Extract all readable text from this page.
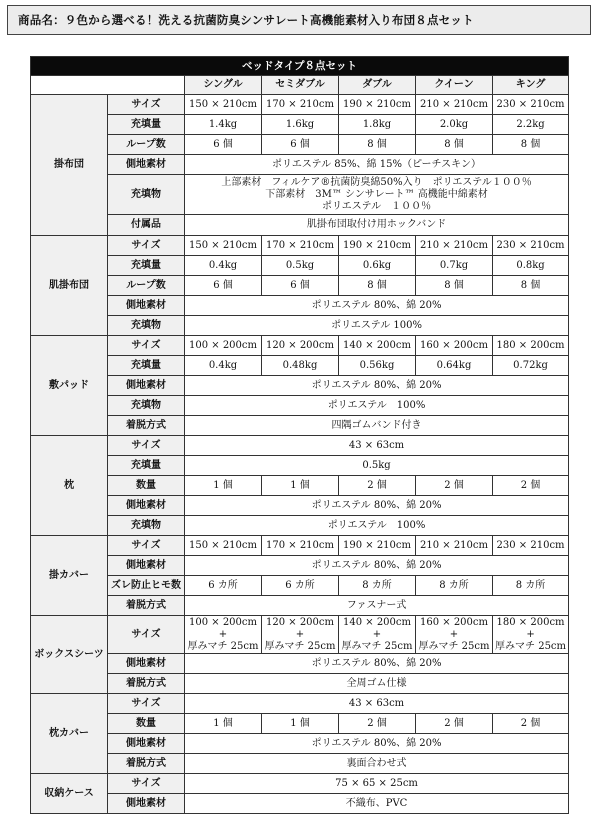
商品名：９色から選べる！洗える抗菌防臭シンサレート高機能素材入り布団８点セット
ベッドタイプ８点セット						
		シングル	セミダブル	ダブル	クイーン	キング
掛布団	サイズ	150 × 210cm	170 × 210cm	190 × 210cm	210 × 210cm	230 × 210cm
	充填量	1.4kg	1.6kg	1.8kg	2.0kg	2.2kg
	ループ数	6 個	6 個	8 個	8 個	8 個
	側地素材	ポリエステル 85%、綿 15%（ピーチスキン）				
	充填物	上部素材　フィルケア®抗菌防臭綿50%入り　ポリエステル１００％
下部素材　3M™ シンサレート™ 高機能中綿素材
ポリエステル　１００％				
	付属品	肌掛布団取付け用ホックバンド				
肌掛布団	サイズ	150 × 210cm	170 × 210cm	190 × 210cm	210 × 210cm	230 × 210cm
	充填量	0.4kg	0.5kg	0.6kg	0.7kg	0.8kg
	ループ数	6 個	6 個	8 個	8 個	8 個
	側地素材	ポリエステル 80%、綿 20%				
	充填物	ポリエステル 100%				
敷パッド	サイズ	100 × 200cm	120 × 200cm	140 × 200cm	160 × 200cm	180 × 200cm
	充填量	0.4kg	0.48kg	0.56kg	0.64kg	0.72kg
	側地素材	ポリエステル 80%、綿 20%				
	充填物	ポリエステル　100%				
	着脱方式	四隅ゴムバンド付き				
枕	サイズ	43 × 63cm				
	充填量	0.5kg				
	数量	1 個	1 個	2 個	2 個	2 個
	側地素材	ポリエステル 80%、綿 20%				
	充填物	ポリエステル　100%				
掛カバー	サイズ	150 × 210cm	170 × 210cm	190 × 210cm	210 × 210cm	230 × 210cm
	側地素材	ポリエステル 80%、綿 20%				
	ズレ防止ヒモ数	6 カ所	6 カ所	8 カ所	8 カ所	8 カ所
	着脱方式	ファスナー式				
ボックスシーツ	サイズ	100 × 200cm +
厚みマチ 25cm	120 × 200cm +
厚みマチ 25cm	140 × 200cm +
厚みマチ 25cm	160 × 200cm +
厚みマチ 25cm	180 × 200cm +
厚みマチ 25cm
	側地素材	ポリエステル 80%、綿 20%				
	着脱方式	全周ゴム仕様				
枕カバー	サイズ	43 × 63cm				
	数量	1 個	1 個	2 個	2 個	2 個
	側地素材	ポリエステル 80%、綿 20%				
	着脱方式	裏面合わせ式				
収納ケース	サイズ	75 × 65 × 25cm				
	側地素材	不織布、PVC				
